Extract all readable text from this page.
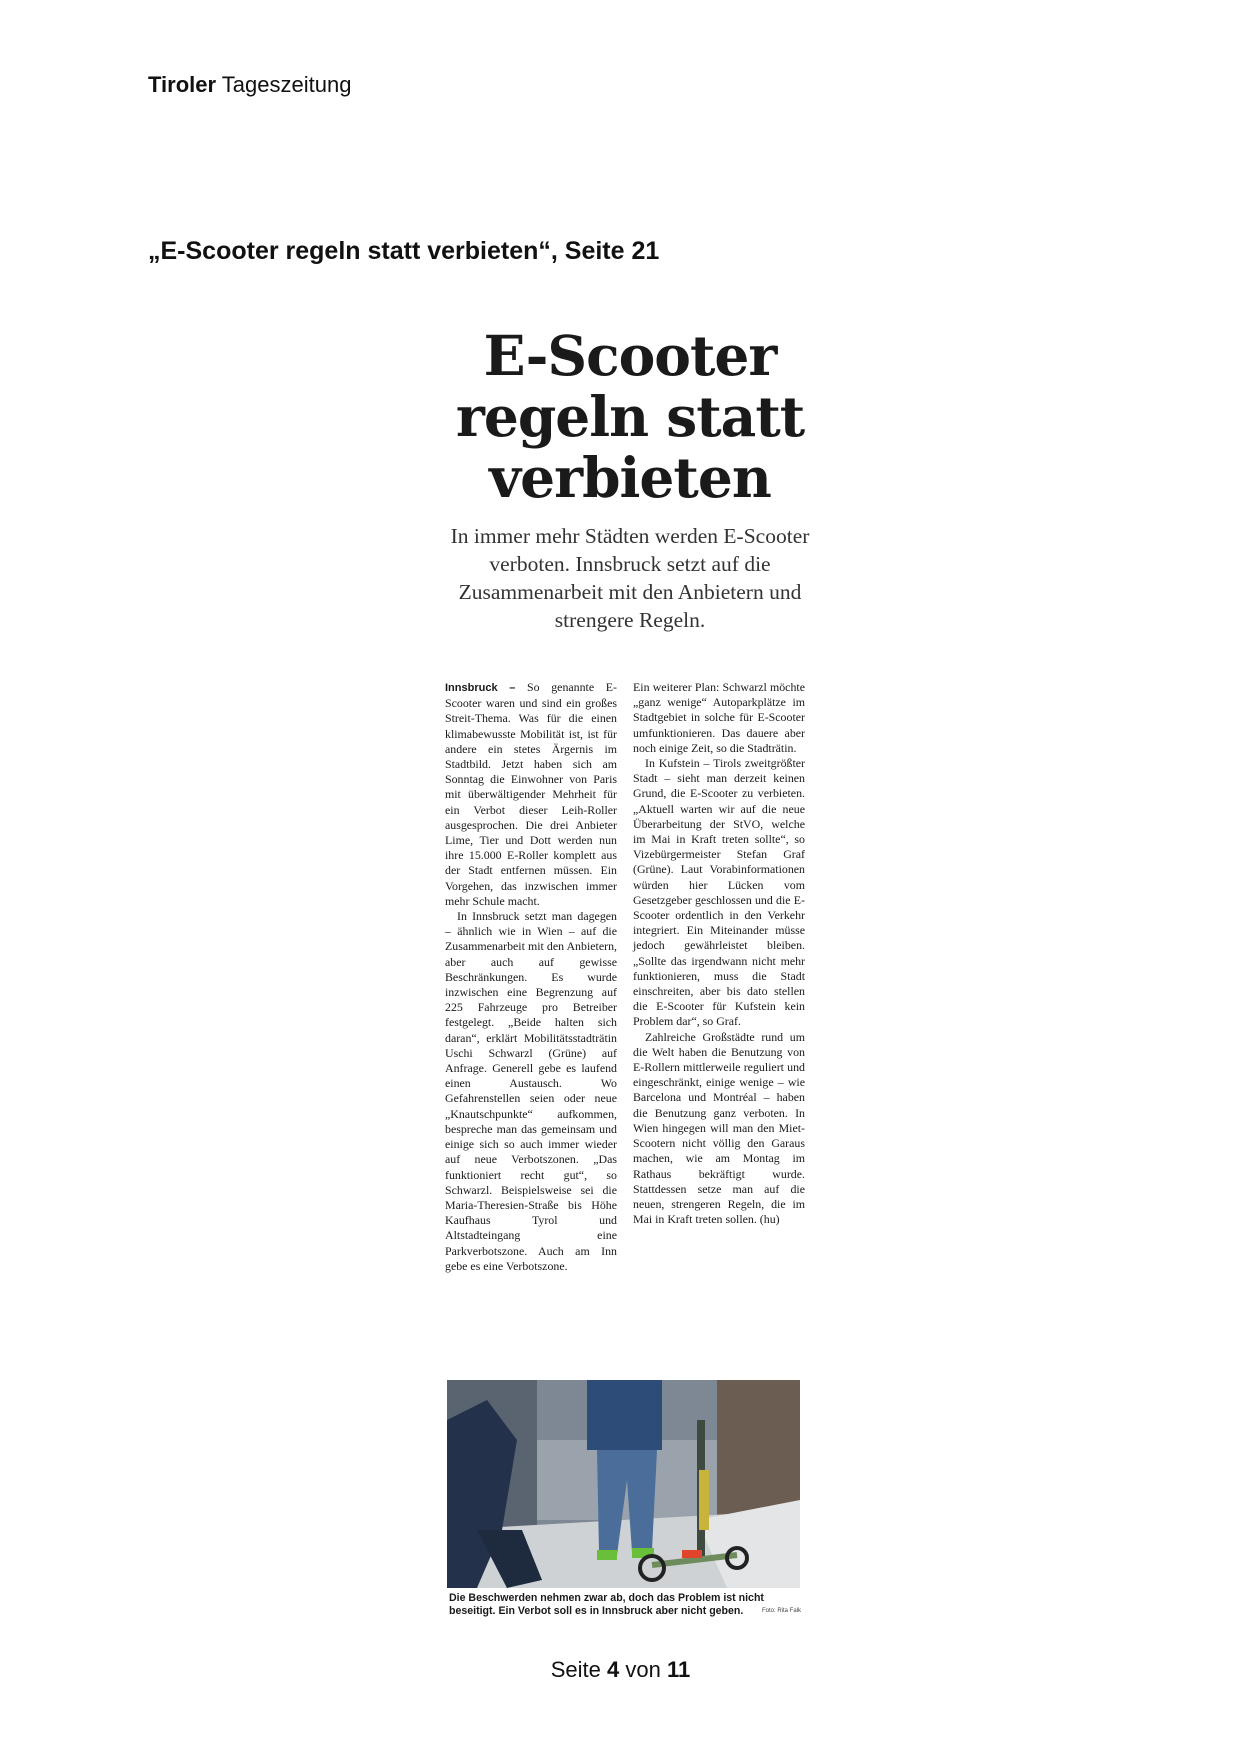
Tiroler Tageszeitung
„E-Scooter regeln statt verbieten“, Seite 21
E-Scooter
regeln statt
verbieten

In immer mehr Städten werden E-Scooter verboten. Innsbruck setzt auf die Zusammenarbeit mit den Anbietern und strengere Regeln.

Innsbruck – So genannte E-Scooter waren und sind ein großes Streit-Thema. Was für die einen klimabewusste Mobilität ist, ist für andere ein stetes Ärgernis im Stadtbild. Jetzt haben sich am Sonntag die Einwohner von Paris mit überwältigender Mehrheit für ein Verbot dieser Leih-Roller ausgesprochen. Die drei Anbieter Lime, Tier und Dott werden nun ihre 15.000 E-Roller komplett aus der Stadt entfernen müssen. Ein Vorgehen, das inzwischen immer mehr Schule macht.

In Innsbruck setzt man dagegen – ähnlich wie in Wien – auf die Zusammenarbeit mit den Anbietern, aber auch auf gewisse Beschränkungen. Es wurde inzwischen eine Begrenzung auf 225 Fahrzeuge pro Betreiber festgelegt. „Beide halten sich daran“, erklärt Mobilitätsstadträtin Uschi Schwarzl (Grüne) auf Anfrage. Generell gebe es laufend einen Austausch. Wo Gefahrenstellen seien oder neue „Knautschpunkte“ aufkommen, bespreche man das gemeinsam und einige sich so auch immer wieder auf neue Verbotszonen. „Das funktioniert recht gut“, so Schwarzl. Beispielsweise sei die Maria-Theresien-Straße bis Höhe Kaufhaus Tyrol und Altstadteingang eine Parkverbotszone. Auch am Inn gebe es eine Verbotszone.

Ein weiterer Plan: Schwarzl möchte „ganz wenige“ Autoparkplätze im Stadtgebiet in solche für E-Scooter umfunktionieren. Das dauere aber noch einige Zeit, so die Stadträtin.

In Kufstein – Tirols zweitgrößter Stadt – sieht man derzeit keinen Grund, die E-Scooter zu verbieten. „Aktuell warten wir auf die neue Überarbeitung der StVO, welche im Mai in Kraft treten sollte“, so Vizebürgermeister Stefan Graf (Grüne). Laut Vorabinformationen würden hier Lücken vom Gesetzgeber geschlossen und die E-Scooter ordentlich in den Verkehr integriert. Ein Miteinander müsse jedoch gewährleistet bleiben. „Sollte das irgendwann nicht mehr funktionieren, muss die Stadt einschreiten, aber bis dato stellen die E-Scooter für Kufstein kein Problem dar“, so Graf.

Zahlreiche Großstädte rund um die Welt haben die Benutzung von E-Rollern mittlerweile reguliert und eingeschränkt, einige wenige – wie Barcelona und Montréal – haben die Benutzung ganz verboten. In Wien hingegen will man den Miet-Scootern nicht völlig den Garaus machen, wie am Montag im Rathaus bekräftigt wurde. Stattdessen setze man auf die neuen, strengeren Regeln, die im Mai in Kraft treten sollen. (hu)

Die Beschwerden nehmen zwar ab, doch das Problem ist nicht beseitigt. Ein Verbot soll es in Innsbruck aber nicht geben.	Foto: Rita Falk
Seite 4 von 11
